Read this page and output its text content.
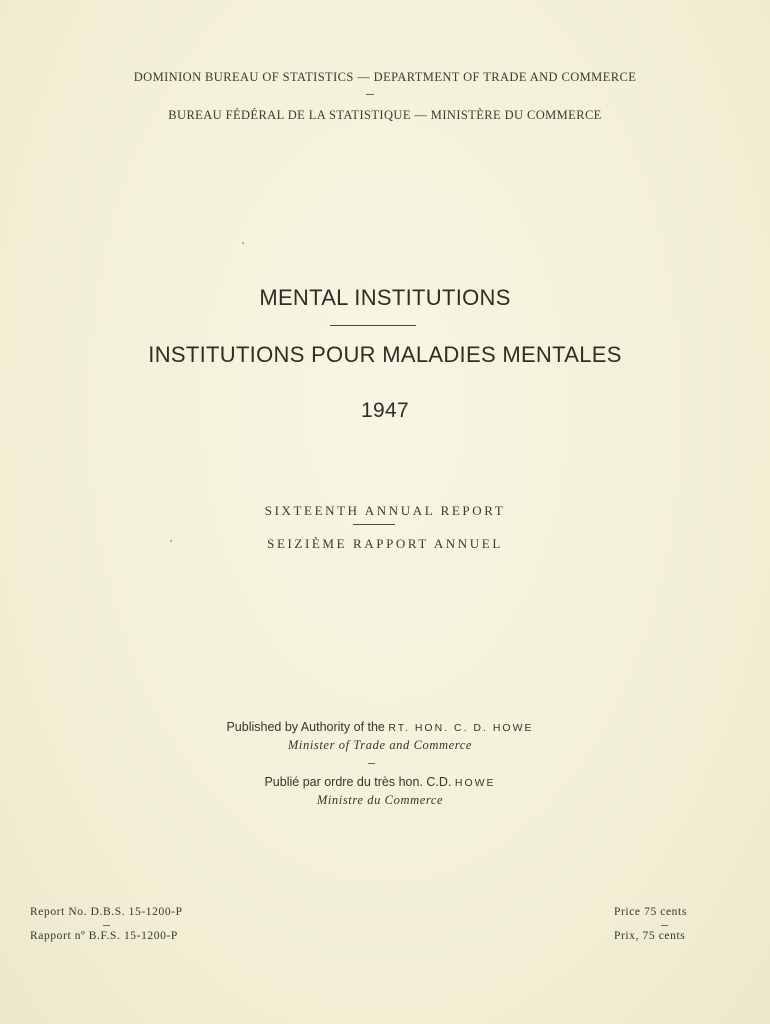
DOMINION BUREAU OF STATISTICS — DEPARTMENT OF TRADE AND COMMERCE
BUREAU FÉDÉRAL DE LA STATISTIQUE — MINISTÈRE DU COMMERCE
MENTAL INSTITUTIONS
INSTITUTIONS POUR MALADIES MENTALES
1947
SIXTEENTH ANNUAL REPORT
SEIZIÈME RAPPORT ANNUEL
Published by Authority of the RT. HON. C. D. HOWE
Minister of Trade and Commerce
Publié par ordre du très hon. C.D. HOWE
Ministre du Commerce
Report No. D.B.S. 15-1200-P
Rapport nº B.F.S. 15-1200-P
Price 75 cents
Prix, 75 cents
